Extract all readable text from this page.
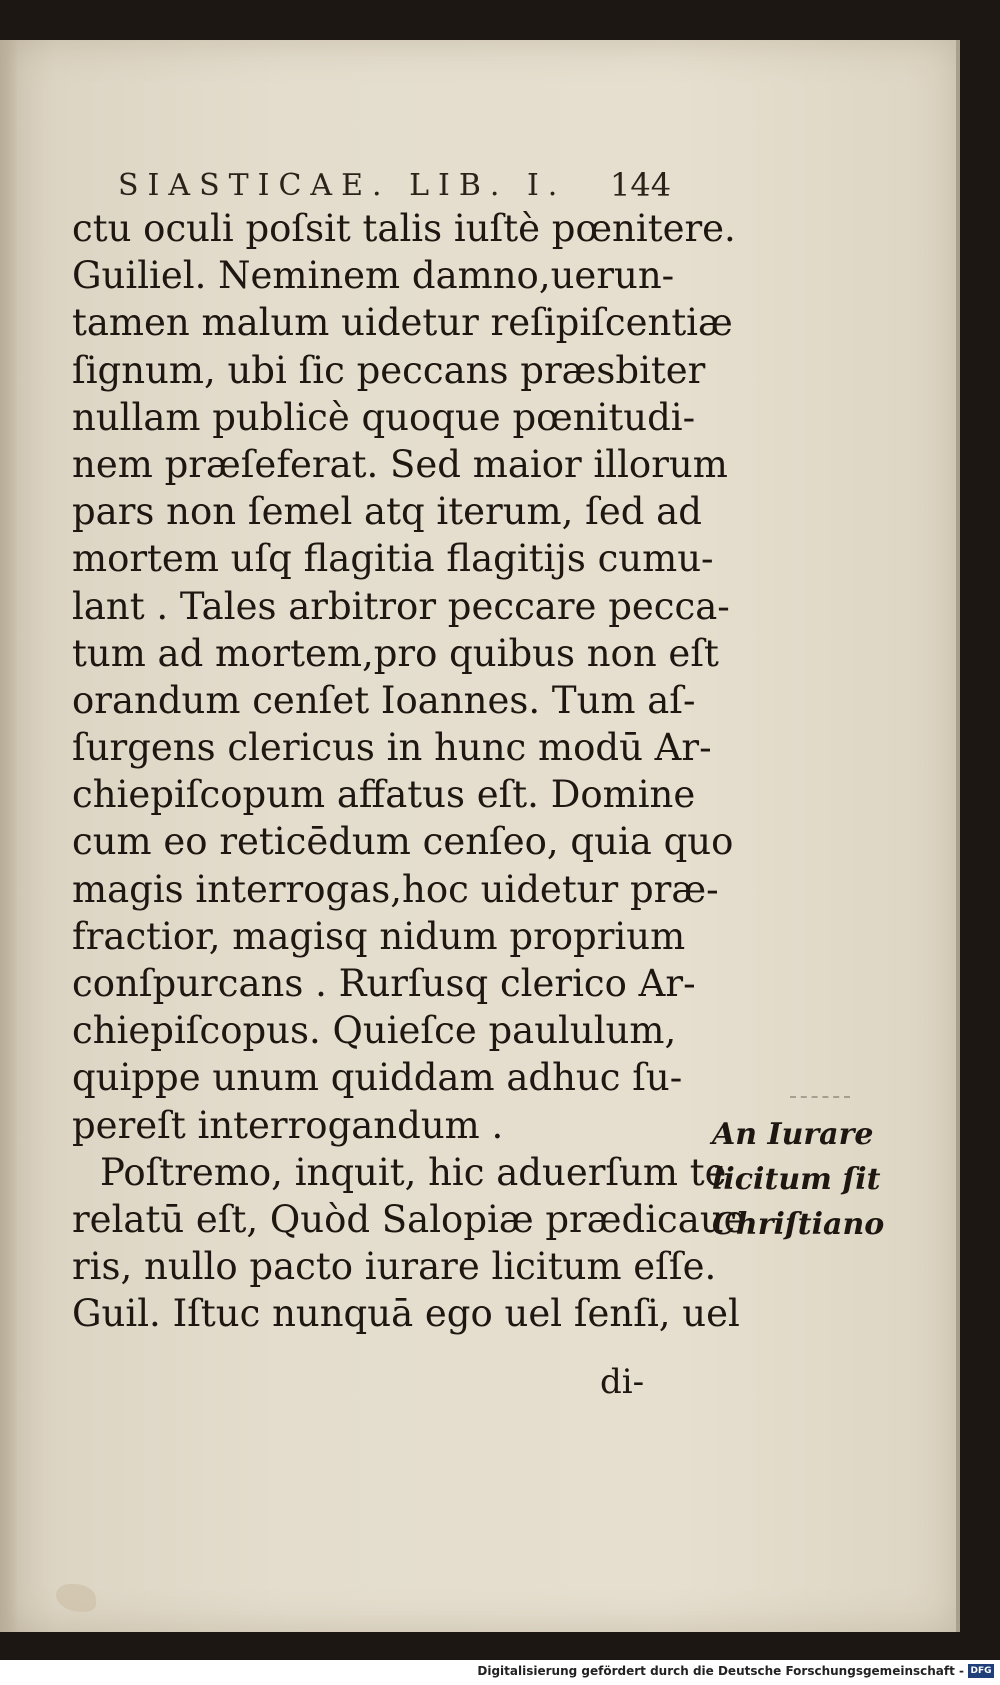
SIASTICAE. LIB. I.	144
ctu oculi poſsit talis iuſtè pœnitere.
Guiliel. Neminem damno,uerun-
tamen malum uidetur reſipiſcentiæ
ſignum, ubi ſic peccans præsbiter
nullam publicè quoque pœnitudi-
nem præſeferat. Sed maior illorum
pars non ſemel atq iterum, ſed ad
mortem uſq flagitia flagitijs cumu-
lant . Tales arbitror peccare pecca-
tum ad mortem,pro quibus non eſt
orandum cenſet Ioannes. Tum aſ-
ſurgens clericus in hunc modū Ar-
chiepiſcopum affatus eſt. Domine
cum eo reticēdum cenſeo, quia quo
magis interrogas,hoc uidetur præ-
fractior, magisq nidum proprium
conſpurcans . Rurſusq clerico Ar-
chiepiſcopus. Quieſce paululum,
quippe unum quiddam adhuc ſu-
pereſt interrogandum .
Poſtremo, inquit, hic aduerſum te
relatū eſt, Quòd Salopiæ prædicaue
ris, nullo pacto iurare licitum eſſe.
Guil. Iſtuc nunquā ego uel ſenſi, uel
di-
An Iurare
licitum ſit
Chriſtiano
Digitalisierung gefördert durch die Deutsche Forschungsgemeinschaft - DFG
